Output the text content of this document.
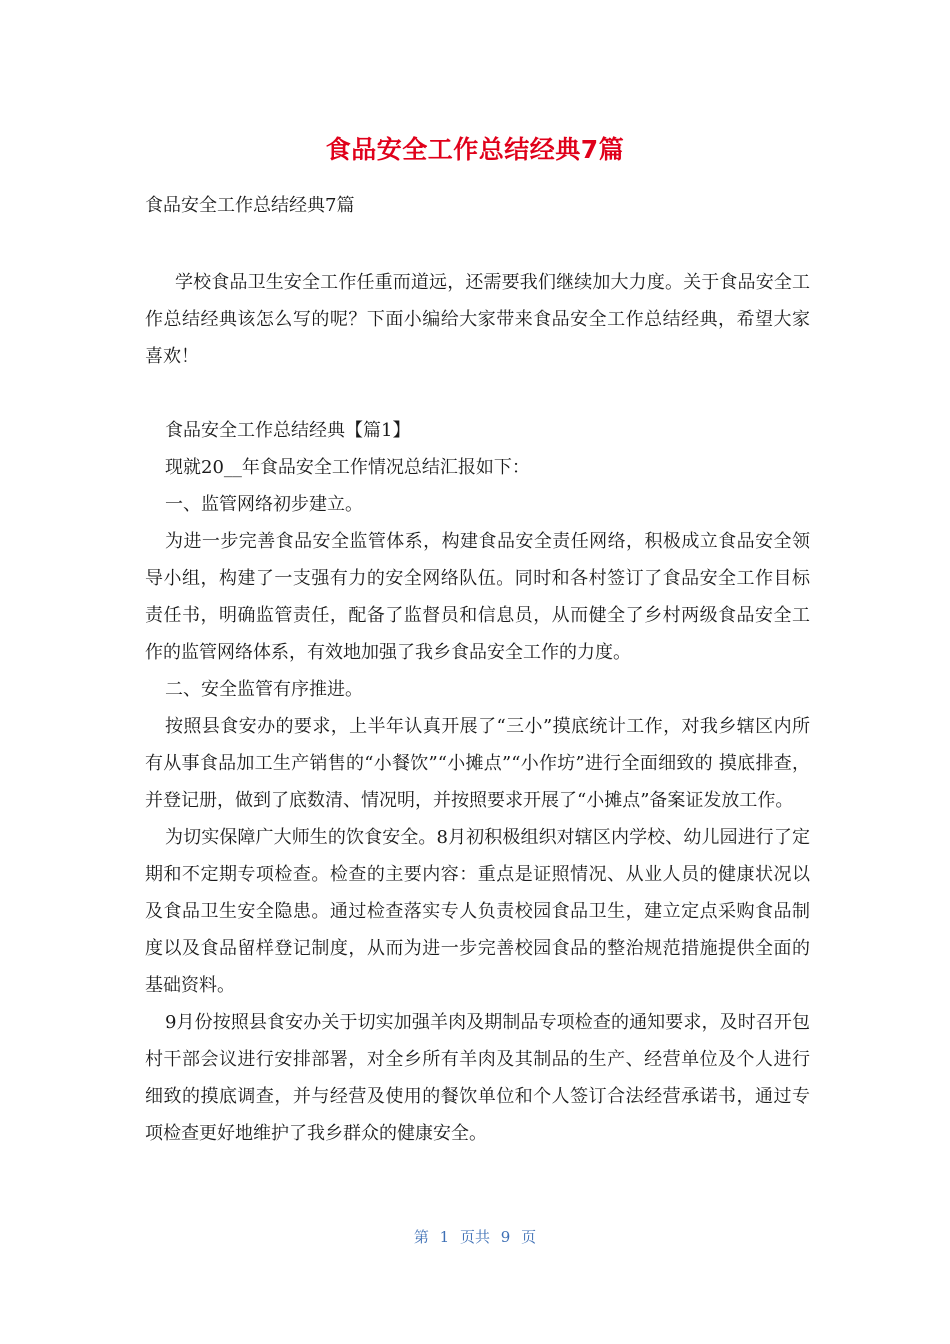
食品安全工作总结经典7篇
食品安全工作总结经典7篇
学校食品卫生安全工作任重而道远，还需要我们继续加大力度。关于食品安全工作总结经典该怎么写的呢？下面小编给大家带来食品安全工作总结经典，希望大家喜欢！

食品安全工作总结经典【篇1】

现就20__年食品安全工作情况总结汇报如下：

一、监管网络初步建立。

为进一步完善食品安全监管体系，构建食品安全责任网络，积极成立食品安全领导小组，构建了一支强有力的安全网络队伍。同时和各村签订了食品安全工作目标责任书，明确监管责任，配备了监督员和信息员，从而健全了乡村两级食品安全工作的监管网络体系，有效地加强了我乡食品安全工作的力度。

二、安全监管有序推进。

按照县食安办的要求，上半年认真开展了“三小”摸底统计工作，对我乡辖区内所有从事食品加工生产销售的“小餐饮”“小摊点”“小作坊”进行全面细致的 摸底排查，并登记册，做到了底数清、情况明，并按照要求开展了“小摊点”备案证发放工作。

为切实保障广大师生的饮食安全。8月初积极组织对辖区内学校、幼儿园进行了定期和不定期专项检查。检查的主要内容：重点是证照情况、从业人员的健康状况以及食品卫生安全隐患。通过检查落实专人负责校园食品卫生，建立定点采购食品制度以及食品留样登记制度，从而为进一步完善校园食品的整治规范措施提供全面的基础资料。

9月份按照县食安办关于切实加强羊肉及期制品专项检查的通知要求，及时召开包村干部会议进行安排部署，对全乡所有羊肉及其制品的生产、经营单位及个人进行细致的摸底调查，并与经营及使用的餐饮单位和个人签订合法经营承诺书，通过专项检查更好地维护了我乡群众的健康安全。

第 1 页共 9 页
